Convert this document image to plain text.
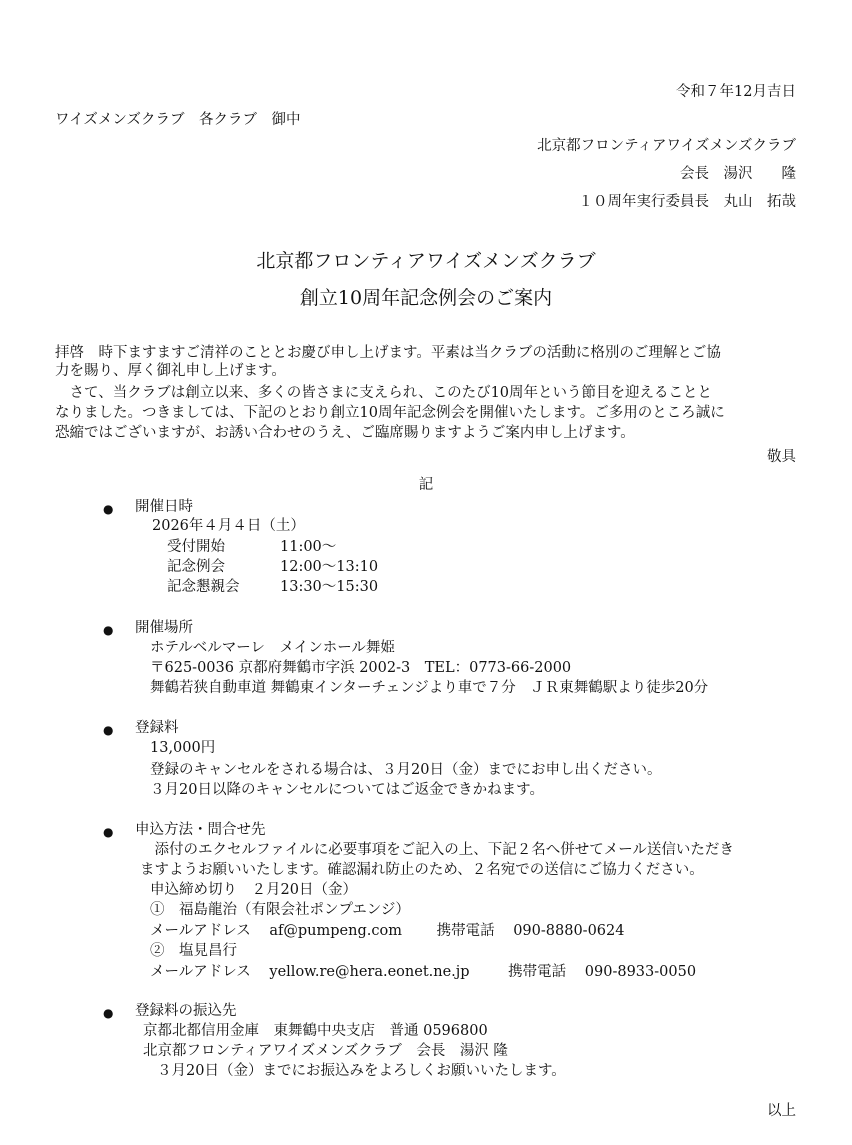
令和７年12月吉日
ワイズメンズクラブ　各クラブ　御中
北京都フロンティアワイズメンズクラブ
会長　湯沢　　隆
１０周年実行委員長　丸山　拓哉
北京都フロンティアワイズメンズクラブ
創立10周年記念例会のご案内
拝啓　時下ますますご清祥のこととお慶び申し上げます。平素は当クラブの活動に格別のご理解とご協
力を賜り、厚く御礼申し上げます。
　さて、当クラブは創立以来、多くの皆さまに支えられ、このたび10周年という節目を迎えることと
なりました。つきましては、下記のとおり創立10周年記念例会を開催いたします。ご多用のところ誠に
恐縮ではございますが、お誘い合わせのうえ、ご臨席賜りますようご案内申し上げます。
敬具
記
● 開催日時
2026年４月４日（土）
受付開始	11:00〜
記念例会	12:00〜13:10
記念懇親会	13:30〜15:30
● 開催場所
ホテルベルマーレ　メインホール舞姫
〒625-0036 京都府舞鶴市字浜 2002-3　TEL：0773-66-2000
舞鶴若狭自動車道 舞鶴東インターチェンジより車で７分　ＪＲ東舞鶴駅より徒歩20分
● 登録料
13,000円
登録のキャンセルをされる場合は、３月20日（金）までにお申し出ください。
３月20日以降のキャンセルについてはご返金できかねます。
● 申込方法・問合せ先
　添付のエクセルファイルに必要事項をご記入の上、下記２名へ併せてメール送信いただき
ますようお願いいたします。確認漏れ防止のため、２名宛での送信にご協力ください。
申込締め切り　２月20日（金）
①　福島龍治（有限会社ポンプエンジ）
メールアドレス af@pumpeng.com 携帯電話 090-8880-0624
②　塩見昌行
メールアドレス yellow.re@hera.eonet.ne.jp	携帯電話 090-8933-0050
● 登録料の振込先
京都北都信用金庫　東舞鶴中央支店　普通 0596800
北京都フロンティアワイズメンズクラブ　会長　湯沢 隆
３月20日（金）までにお振込みをよろしくお願いいたします。
以上
